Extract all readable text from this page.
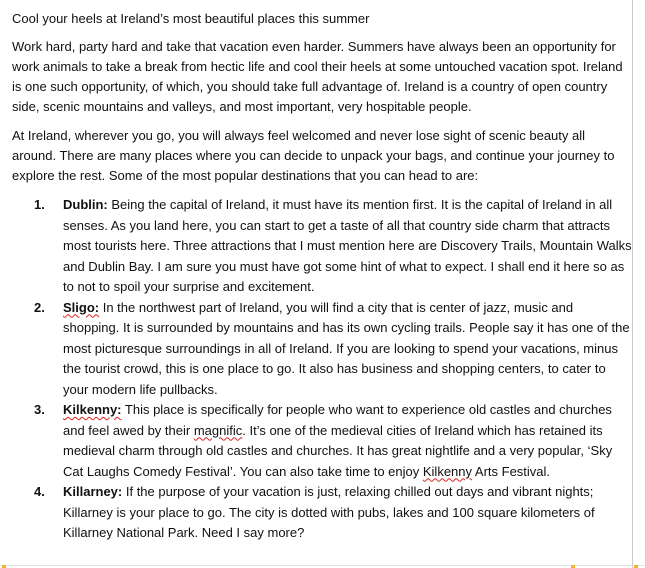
Cool your heels at Ireland’s most beautiful places this summer

Work hard, party hard and take that vacation even harder. Summers have always been an opportunity for work animals to take a break from hectic life and cool their heels at some untouched vacation spot. Ireland is one such opportunity, of which, you should take full advantage of. Ireland is a country of open country side, scenic mountains and valleys, and most important, very hospitable people.

At Ireland, wherever you go, you will always feel welcomed and never lose sight of scenic beauty all around. There are many places where you can decide to unpack your bags, and continue your journey to explore the rest. Some of the most popular destinations that you can head to are:

1. Dublin: Being the capital of Ireland, it must have its mention first. It is the capital of Ireland in all senses. As you land here, you can start to get a taste of all that country side charm that attracts most tourists here. Three attractions that I must mention here are Discovery Trails, Mountain Walks and Dublin Bay. I am sure you must have got some hint of what to expect. I shall end it here so as to not to spoil your surprise and excitement.
2. Sligo: In the northwest part of Ireland, you will find a city that is center of jazz, music and shopping. It is surrounded by mountains and has its own cycling trails. People say it has one of the most picturesque surroundings in all of Ireland. If you are looking to spend your vacations, minus the tourist crowd, this is one place to go. It also has business and shopping centers, to cater to your modern life pullbacks.
3. Kilkenny: This place is specifically for people who want to experience old castles and churches and feel awed by their magnific. It’s one of the medieval cities of Ireland which has retained its medieval charm through old castles and churches. It has great nightlife and a very popular, ‘Sky Cat Laughs Comedy Festival’. You can also take time to enjoy Kilkenny Arts Festival.
4. Killarney: If the purpose of your vacation is just, relaxing chilled out days and vibrant nights; Killarney is your place to go. The city is dotted with pubs, lakes and 100 square kilometers of Killarney National Park. Need I say more?
